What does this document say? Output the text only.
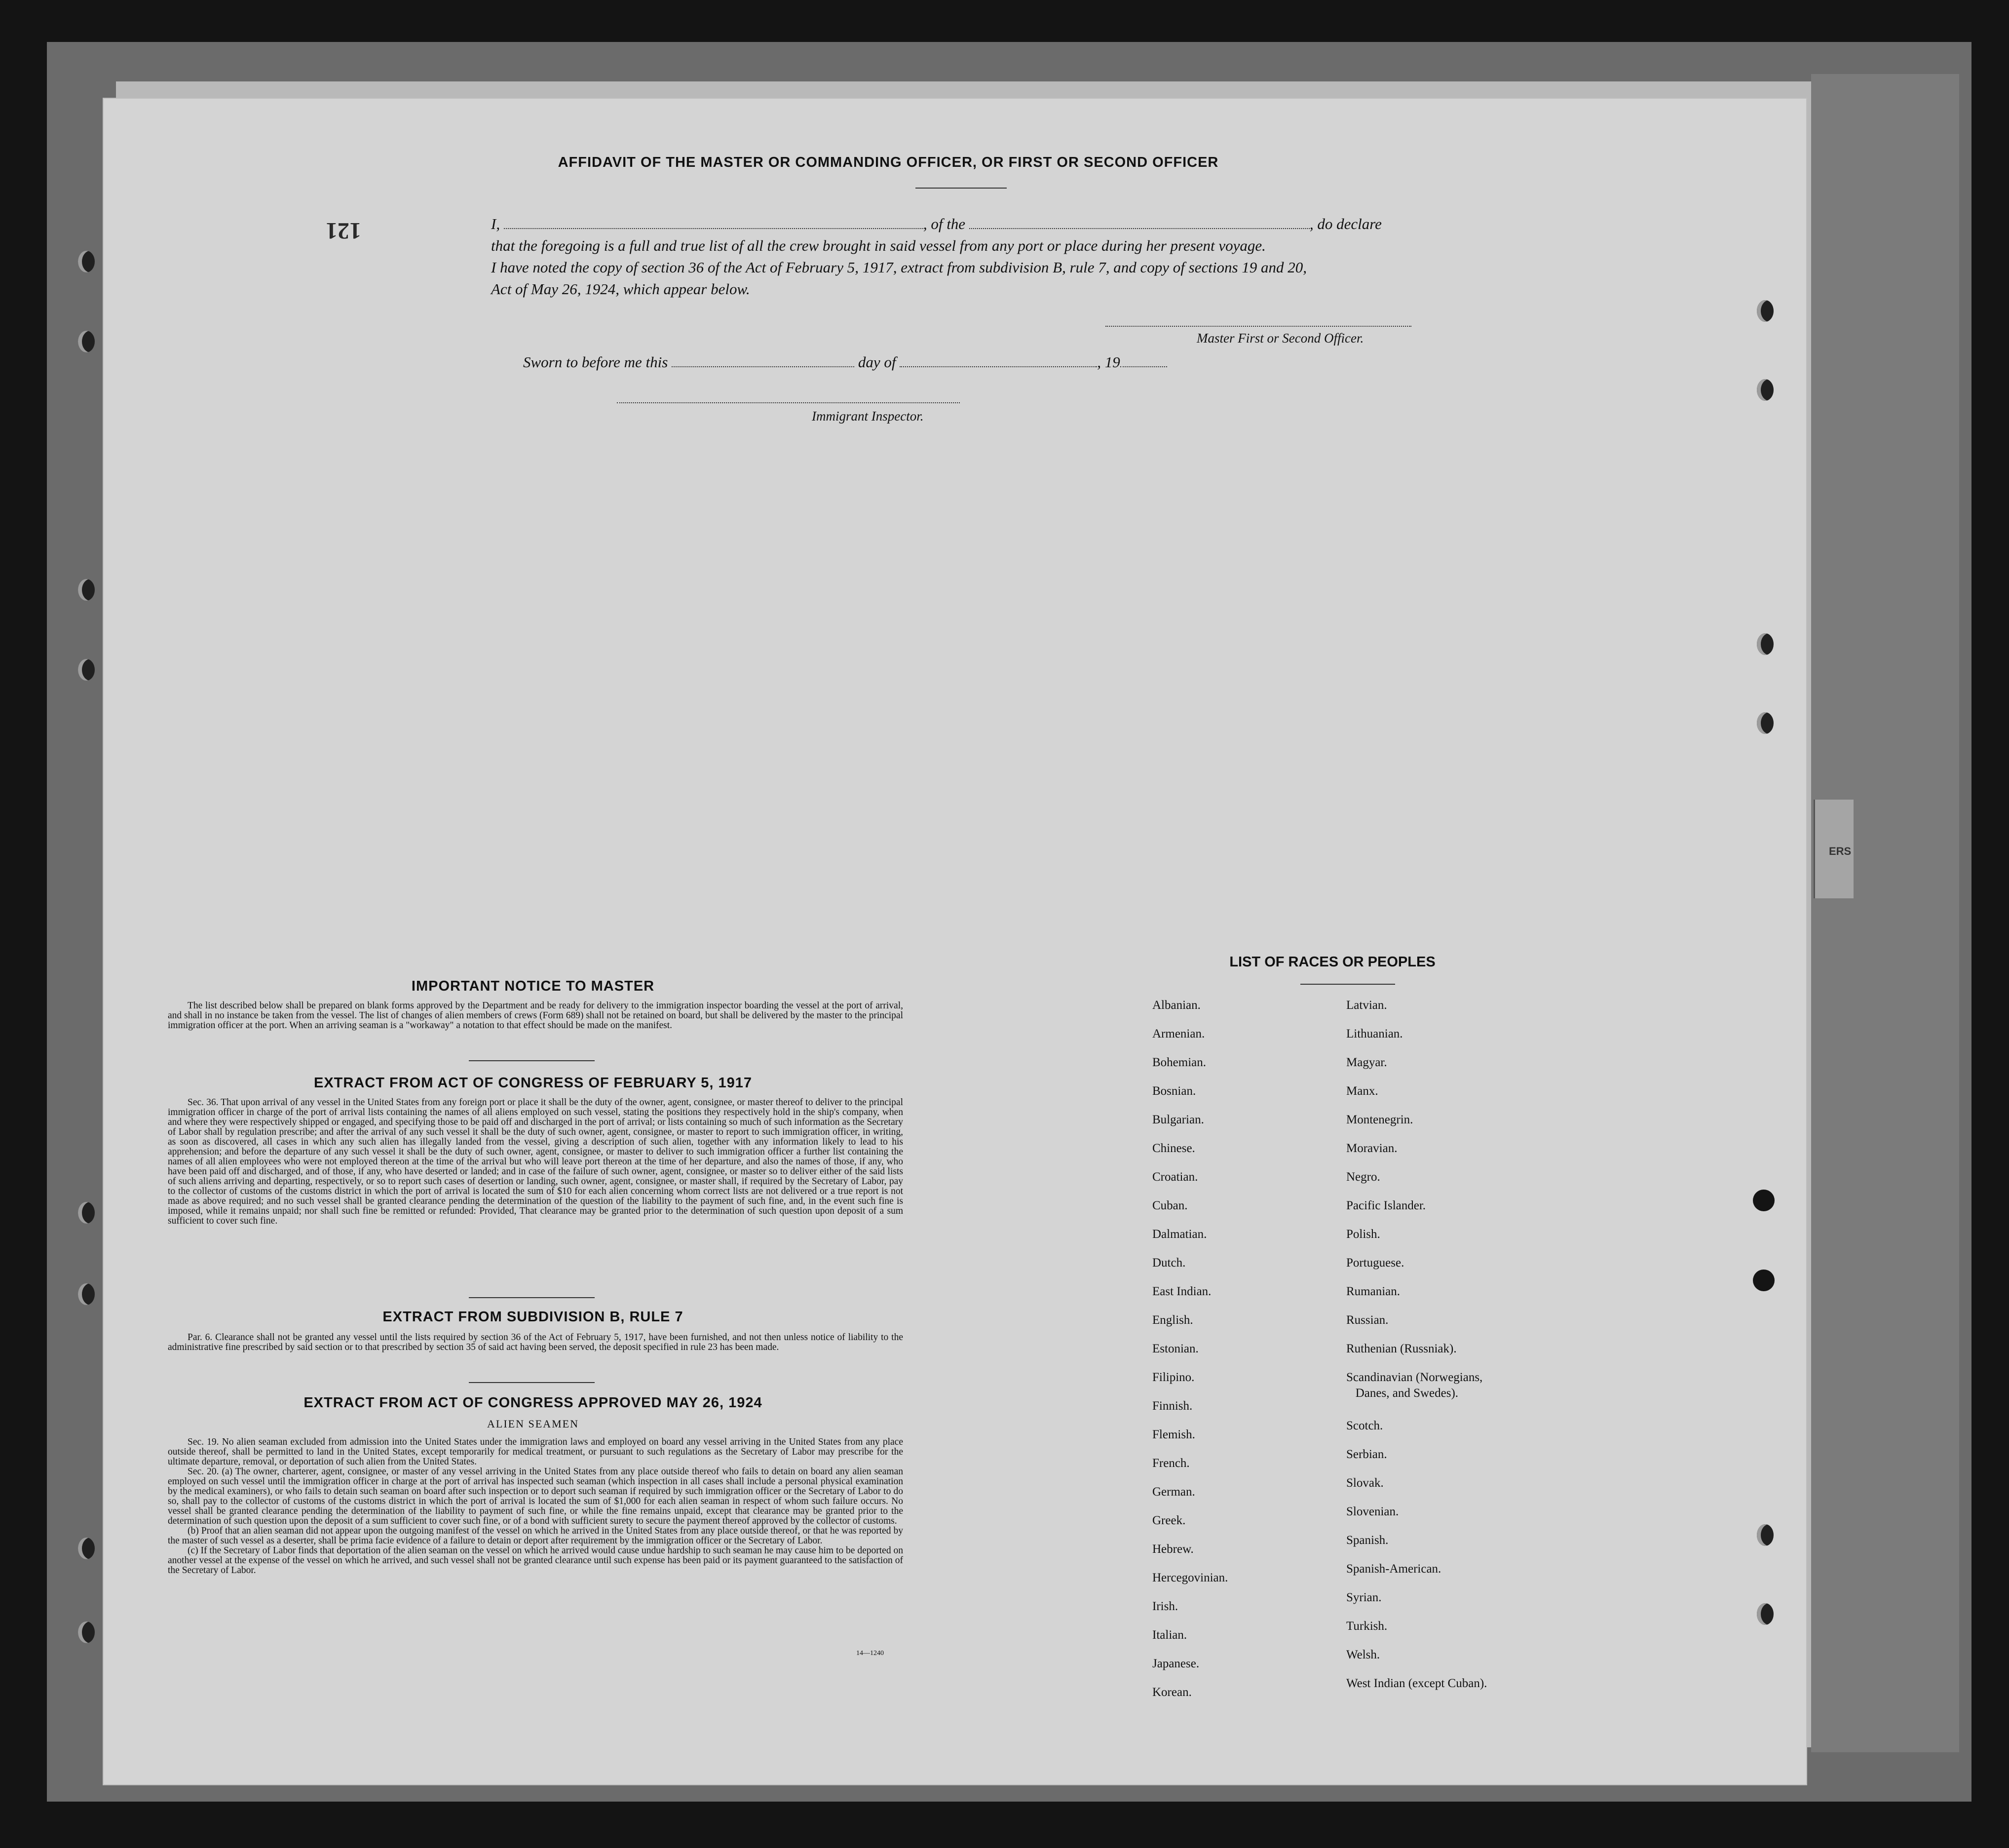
ERS
121
AFFIDAVIT OF THE MASTER OR COMMANDING OFFICER, OR FIRST OR SECOND OFFICER
I,	, of the	, do declare
that the foregoing is a full and true list of all the crew brought in said vessel from any port or place during her present voyage.
I have noted the copy of section 36 of the Act of February 5, 1917, extract from subdivision B, rule 7, and copy of sections 19 and 20,
Act of May 26, 1924, which appear below.
Master First or Second Officer.
Sworn to before me this	day of	, 19
Immigrant Inspector.
IMPORTANT NOTICE TO MASTER

The list described below shall be prepared on blank forms approved by the Department and be ready for delivery to the immigration inspector boarding the vessel at the port of arrival, and shall in no instance be taken from the vessel. The list of changes of alien members of crews (Form 689) shall not be retained on board, but shall be delivered by the master to the principal immigration officer at the port. When an arriving seaman is a "workaway" a notation to that effect should be made on the manifest.

EXTRACT FROM ACT OF CONGRESS OF FEBRUARY 5, 1917

Sec. 36. That upon arrival of any vessel in the United States from any foreign port or place it shall be the duty of the owner, agent, consignee, or master thereof to deliver to the principal immigration officer in charge of the port of arrival lists containing the names of all aliens employed on such vessel, stating the positions they respectively hold in the ship's company, when and where they were respectively shipped or engaged, and specifying those to be paid off and discharged in the port of arrival; or lists containing so much of such information as the Secretary of Labor shall by regulation prescribe; and after the arrival of any such vessel it shall be the duty of such owner, agent, consignee, or master to report to such immigration officer, in writing, as soon as discovered, all cases in which any such alien has illegally landed from the vessel, giving a description of such alien, together with any information likely to lead to his apprehension; and before the departure of any such vessel it shall be the duty of such owner, agent, consignee, or master to deliver to such immigration officer a further list containing the names of all alien employees who were not employed thereon at the time of the arrival but who will leave port thereon at the time of her departure, and also the names of those, if any, who have been paid off and discharged, and of those, if any, who have deserted or landed; and in case of the failure of such owner, agent, consignee, or master so to deliver either of the said lists of such aliens arriving and departing, respectively, or so to report such cases of desertion or landing, such owner, agent, consignee, or master shall, if required by the Secretary of Labor, pay to the collector of customs of the customs district in which the port of arrival is located the sum of $10 for each alien concerning whom correct lists are not delivered or a true report is not made as above required; and no such vessel shall be granted clearance pending the determination of the question of the liability to the payment of such fine, and, in the event such fine is imposed, while it remains unpaid; nor shall such fine be remitted or refunded: Provided, That clearance may be granted prior to the determination of such question upon deposit of a sum sufficient to cover such fine.

EXTRACT FROM SUBDIVISION B, RULE 7

Par. 6. Clearance shall not be granted any vessel until the lists required by section 36 of the Act of February 5, 1917, have been furnished, and not then unless notice of liability to the administrative fine prescribed by said section or to that prescribed by section 35 of said act having been served, the deposit specified in rule 23 has been made.

EXTRACT FROM ACT OF CONGRESS APPROVED MAY 26, 1924
ALIEN SEAMEN

Sec. 19. No alien seaman excluded from admission into the United States under the immigration laws and employed on board any vessel arriving in the United States from any place outside thereof, shall be permitted to land in the United States, except temporarily for medical treatment, or pursuant to such regulations as the Secretary of Labor may prescribe for the ultimate departure, removal, or deportation of such alien from the United States.

Sec. 20. (a) The owner, charterer, agent, consignee, or master of any vessel arriving in the United States from any place outside thereof who fails to detain on board any alien seaman employed on such vessel until the immigration officer in charge at the port of arrival has inspected such seaman (which inspection in all cases shall include a personal physical examination by the medical examiners), or who fails to detain such seaman on board after such inspection or to deport such seaman if required by such immigration officer or the Secretary of Labor to do so, shall pay to the collector of customs of the customs district in which the port of arrival is located the sum of $1,000 for each alien seaman in respect of whom such failure occurs. No vessel shall be granted clearance pending the determination of the liability to payment of such fine, or while the fine remains unpaid, except that clearance may be granted prior to the determination of such question upon the deposit of a sum sufficient to cover such fine, or of a bond with sufficient surety to secure the payment thereof approved by the collector of customs.

(b) Proof that an alien seaman did not appear upon the outgoing manifest of the vessel on which he arrived in the United States from any place outside thereof, or that he was reported by the master of such vessel as a deserter, shall be prima facie evidence of a failure to detain or deport after requirement by the immigration officer or the Secretary of Labor.

(c) If the Secretary of Labor finds that deportation of the alien seaman on the vessel on which he arrived would cause undue hardship to such seaman he may cause him to be deported on another vessel at the expense of the vessel on which he arrived, and such vessel shall not be granted clearance until such expense has been paid or its payment guaranteed to the satisfaction of the Secretary of Labor.

14—1240
LIST OF RACES OR PEOPLES
Albanian.
Armenian.
Bohemian.
Bosnian.
Bulgarian.
Chinese.
Croatian.
Cuban.
Dalmatian.
Dutch.
East Indian.
English.
Estonian.
Filipino.
Finnish.
Flemish.
French.
German.
Greek.
Hebrew.
Hercegovinian.
Irish.
Italian.
Japanese.
Korean.
Latvian.
Lithuanian.
Magyar.
Manx.
Montenegrin.
Moravian.
Negro.
Pacific Islander.
Polish.
Portuguese.
Rumanian.
Russian.
Ruthenian (Russniak).
Scandinavian (Norwegians,
Danes, and Swedes).
Scotch.
Serbian.
Slovak.
Slovenian.
Spanish.
Spanish-American.
Syrian.
Turkish.
Welsh.
West Indian (except Cuban).
